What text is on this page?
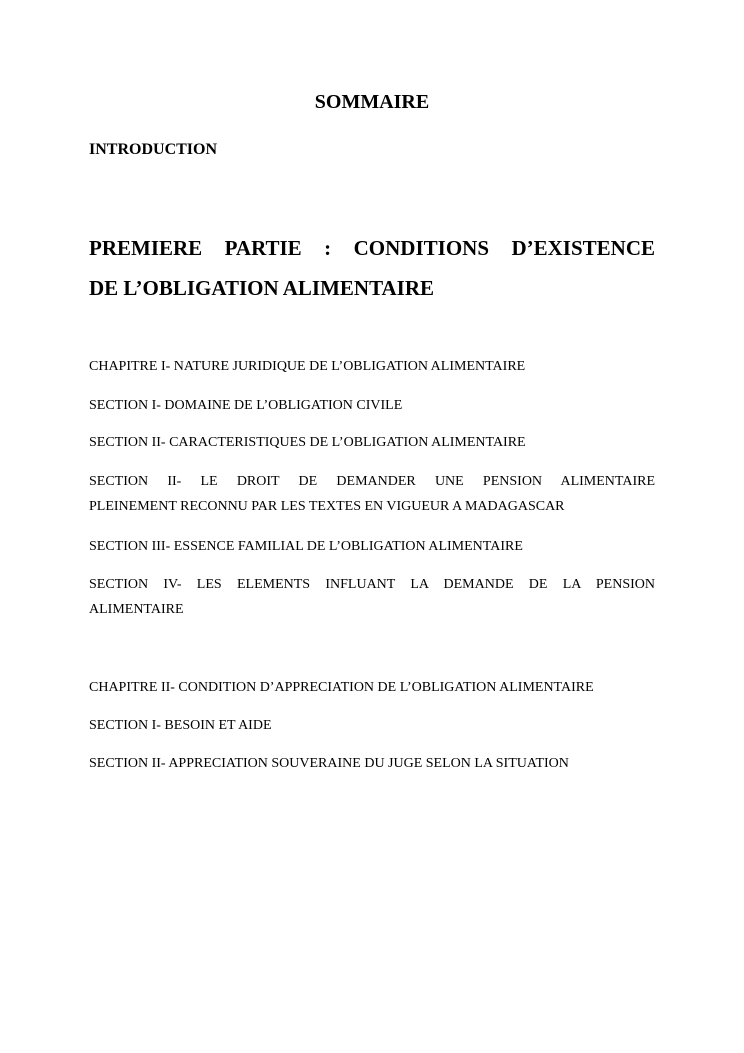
SOMMAIRE
INTRODUCTION
PREMIERE PARTIE : CONDITIONS D’EXISTENCE
DE L’OBLIGATION ALIMENTAIRE
CHAPITRE I- NATURE JURIDIQUE DE L’OBLIGATION ALIMENTAIRE
SECTION I- DOMAINE DE L’OBLIGATION CIVILE
SECTION II- CARACTERISTIQUES DE L’OBLIGATION ALIMENTAIRE
SECTION II- LE DROIT DE DEMANDER UNE PENSION ALIMENTAIRE
PLEINEMENT RECONNU PAR LES TEXTES EN VIGUEUR A MADAGASCAR
SECTION III- ESSENCE FAMILIAL DE L’OBLIGATION ALIMENTAIRE
SECTION IV- LES ELEMENTS INFLUANT LA DEMANDE DE LA PENSION
ALIMENTAIRE
CHAPITRE II- CONDITION D’APPRECIATION DE L’OBLIGATION ALIMENTAIRE
SECTION I- BESOIN ET AIDE
SECTION II- APPRECIATION SOUVERAINE DU JUGE SELON LA SITUATION
